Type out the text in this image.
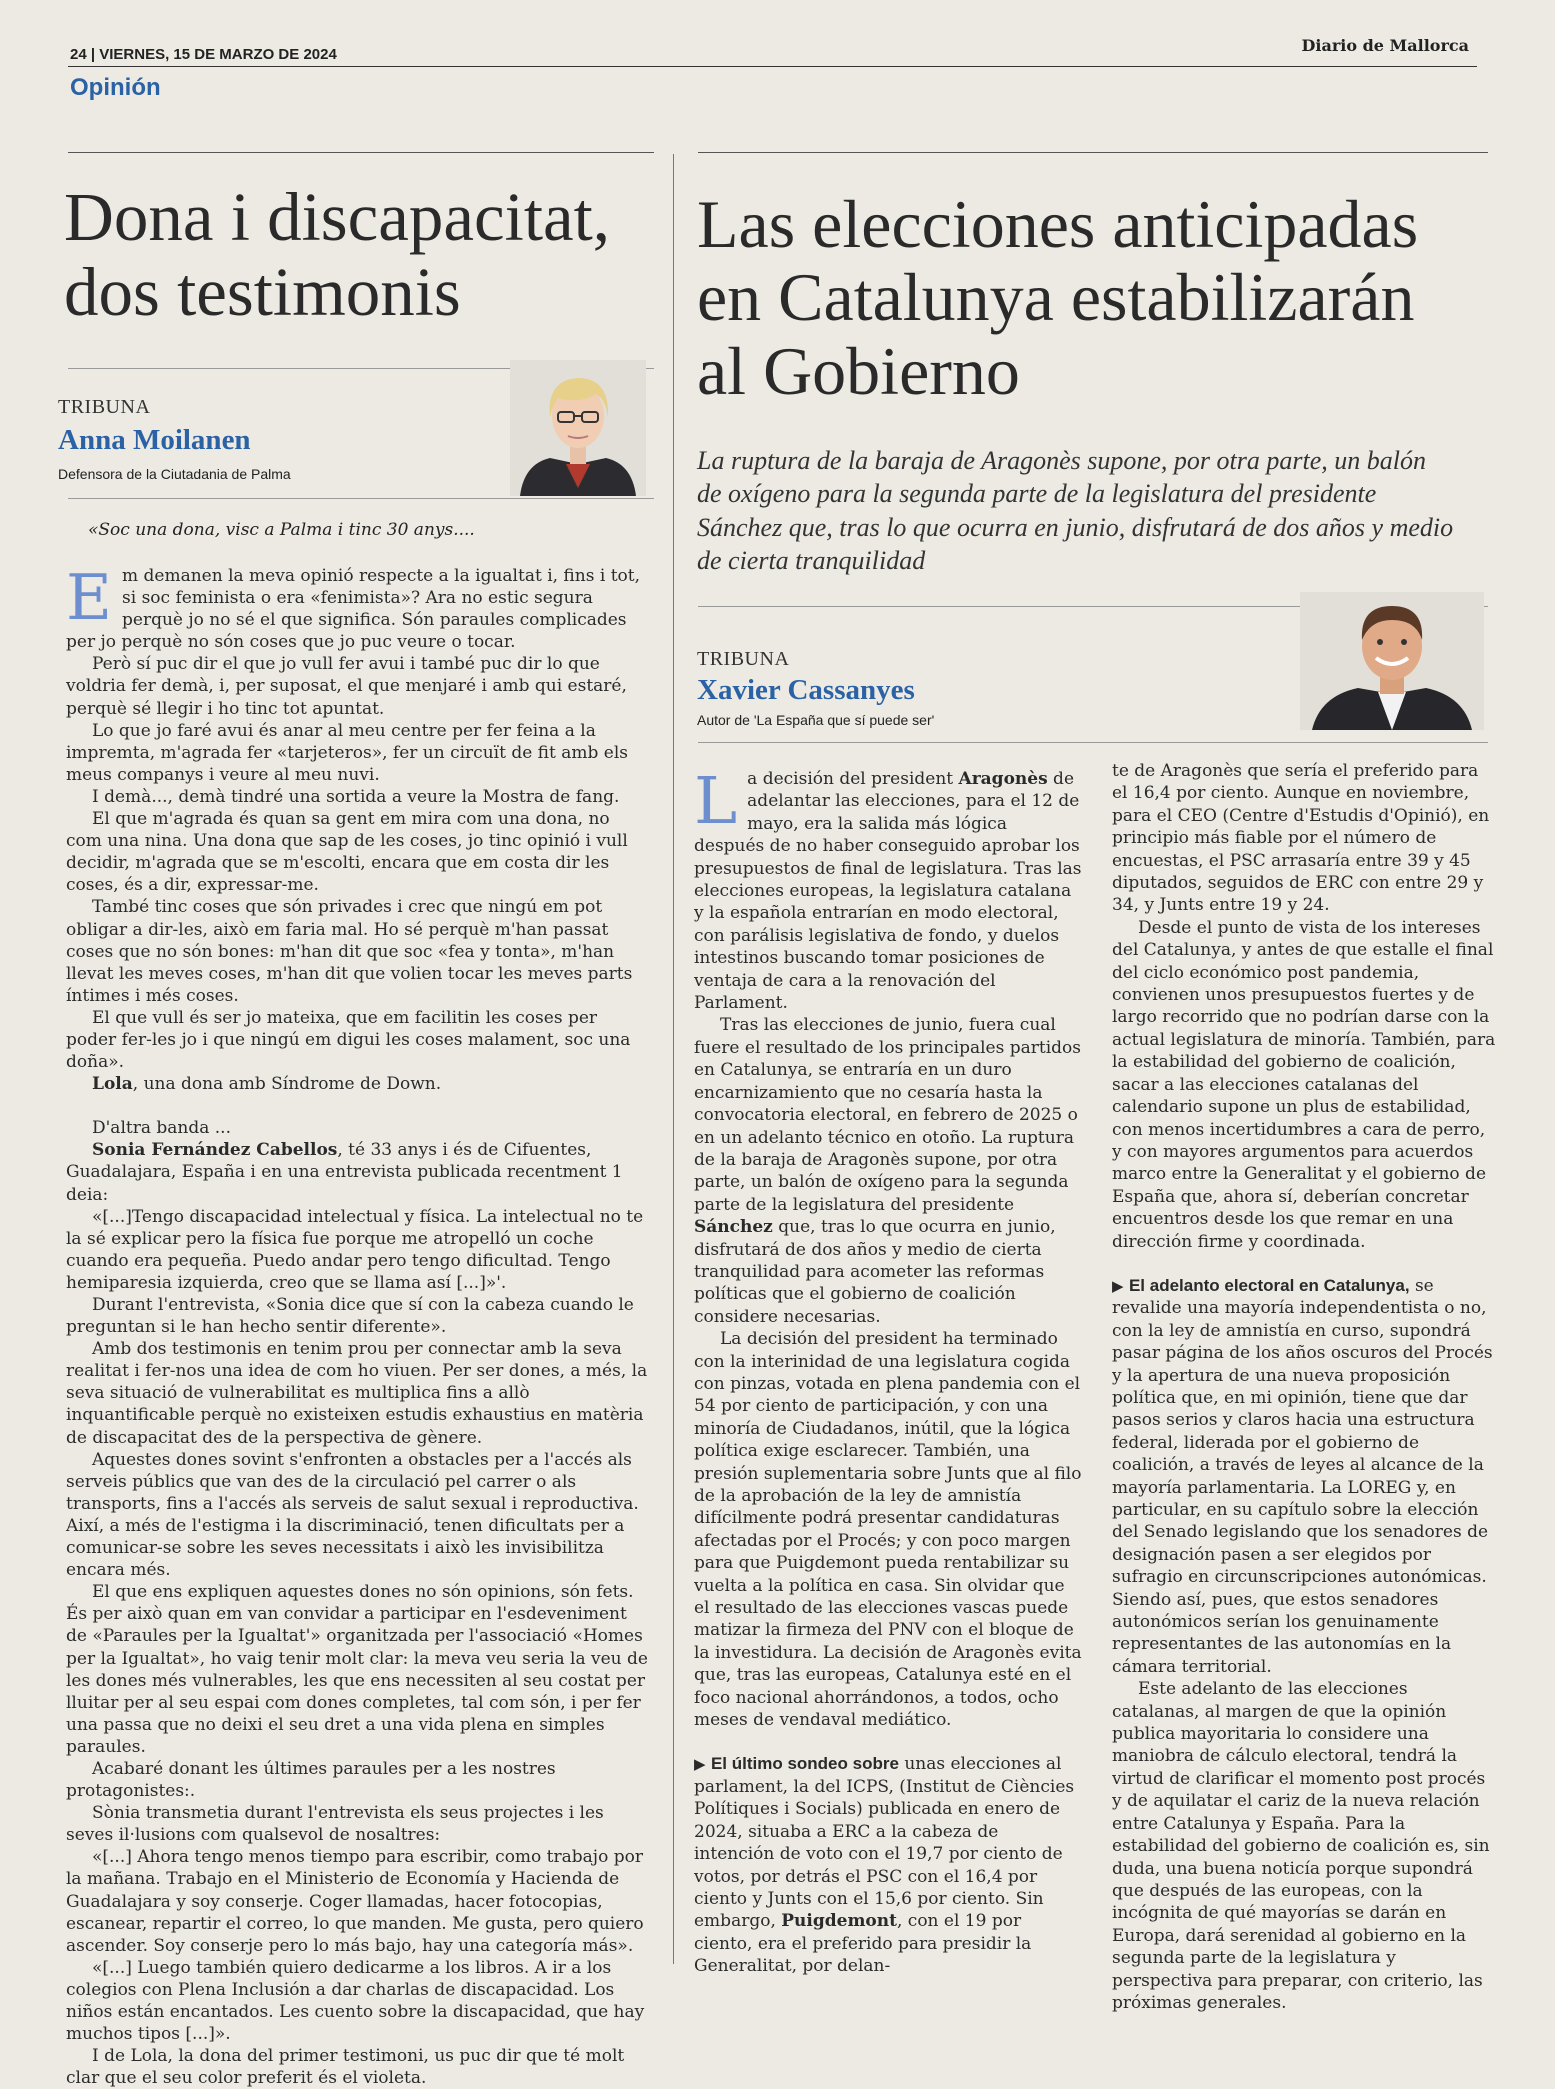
24 | VIERNES, 15 DE MARZO DE 2024	Diario de Mallorca
Opinión
Dona i discapacitat,
dos testimonis
TRIBUNA
Anna Moilanen
Defensora de la Ciutadania de Palma
«Soc una dona, visc a Palma i tinc 30 anys....

Em demanen la meva opinió respecte a la igualtat i, fins i tot, si soc feminista o era «fenimista»? Ara no estic segura perquè jo no sé el que significa. Són paraules complicades per jo perquè no són coses que jo puc veure o tocar.

Però sí puc dir el que jo vull fer avui i també puc dir lo que voldria fer demà, i, per suposat, el que menjaré i amb qui estaré, perquè sé llegir i ho tinc tot apuntat.

Lo que jo faré avui és anar al meu centre per fer feina a la impremta, m'agrada fer «tarjeteros», fer un circuït de fit amb els meus companys i veure al meu nuvi.

I demà..., demà tindré una sortida a veure la Mostra de fang.

El que m'agrada és quan sa gent em mira com una dona, no com una nina. Una dona que sap de les coses, jo tinc opinió i vull decidir, m'agrada que se m'escolti, encara que em costa dir les coses, és a dir, expressar-me.

També tinc coses que són privades i crec que ningú em pot obligar a dir-les, això em faria mal. Ho sé perquè m'han passat coses que no són bones: m'han dit que soc «fea y tonta», m'han llevat les meves coses, m'han dit que volien tocar les meves parts íntimes i més coses.

El que vull és ser jo mateixa, que em facilitin les coses per poder fer-les jo i que ningú em digui les coses malament, soc una doña».

Lola, una dona amb Síndrome de Down.

D'altra banda ...

Sonia Fernández Cabellos, té 33 anys i és de Cifuentes, Guadalajara, España i en una entrevista publicada recentment 1 deia:

«[...]Tengo discapacidad intelectual y física. La intelectual no te la sé explicar pero la física fue porque me atropelló un coche cuando era pequeña. Puedo andar pero tengo dificultad. Tengo hemiparesia izquierda, creo que se llama así [...]»'.

Durant l'entrevista, «Sonia dice que sí con la cabeza cuando le preguntan si le han hecho sentir diferente».

Amb dos testimonis en tenim prou per connectar amb la seva realitat i fer-nos una idea de com ho viuen. Per ser dones, a més, la seva situació de vulnerabilitat es multiplica fins a allò inquantificable perquè no existeixen estudis exhaustius en matèria de discapacitat des de la perspectiva de gènere.

Aquestes dones sovint s'enfronten a obstacles per a l'accés als serveis públics que van des de la circulació pel carrer o als transports, fins a l'accés als serveis de salut sexual i reproductiva. Així, a més de l'estigma i la discriminació, tenen dificultats per a comunicar-se sobre les seves necessitats i això les invisibilitza encara més.

El que ens expliquen aquestes dones no són opinions, són fets. És per això quan em van convidar a participar en l'esdeveniment de «Paraules per la Igualtat'» organitzada per l'associació «Homes per la Igualtat», ho vaig tenir molt clar: la meva veu seria la veu de les dones més vulnerables, les que ens necessiten al seu costat per lluitar per al seu espai com dones completes, tal com són, i per fer una passa que no deixi el seu dret a una vida plena en simples paraules.

Acabaré donant les últimes paraules per a les nostres protagonistes:.

Sònia transmetia durant l'entrevista els seus projectes i les seves il·lusions com qualsevol de nosaltres:

«[...] Ahora tengo menos tiempo para escribir, como trabajo por la mañana. Trabajo en el Ministerio de Economía y Hacienda de Guadalajara y soy conserje. Coger llamadas, hacer fotocopias, escanear, repartir el correo, lo que manden. Me gusta, pero quiero ascender. Soy conserje pero lo más bajo, hay una categoría más».

«[...] Luego también quiero dedicarme a los libros. A ir a los colegios con Plena Inclusión a dar charlas de discapacidad. Los niños están encantados. Les cuento sobre la discapacidad, que hay muchos tipos [...]».

I de Lola, la dona del primer testimoni, us puc dir que té molt clar que el seu color preferit és el violeta.

Las elecciones anticipadas
en Catalunya estabilizarán
al Gobierno
La ruptura de la baraja de Aragonès supone, por otra parte, un balón de oxígeno para la segunda parte de la legislatura del presidente Sánchez que, tras lo que ocurra en junio, disfrutará de dos años y medio de cierta tranquilidad
TRIBUNA
Xavier Cassanyes
Autor de 'La España que sí puede ser'

La decisión del president Aragonès de adelantar las elecciones, para el 12 de mayo, era la salida más lógica después de no haber conseguido aprobar los presupuestos de final de legislatura. Tras las elecciones europeas, la legislatura catalana y la española entrarían en modo electoral, con parálisis legislativa de fondo, y duelos intestinos buscando tomar posiciones de ventaja de cara a la renovación del Parlament.

Tras las elecciones de junio, fuera cual fuere el resultado de los principales partidos en Catalunya, se entraría en un duro encarnizamiento que no cesaría hasta la convocatoria electoral, en febrero de 2025 o en un adelanto técnico en otoño. La ruptura de la baraja de Aragonès supone, por otra parte, un balón de oxígeno para la segunda parte de la legislatura del presidente Sánchez que, tras lo que ocurra en junio, disfrutará de dos años y medio de cierta tranquilidad para acometer las reformas políticas que el gobierno de coalición considere necesarias.

La decisión del president ha terminado con la interinidad de una legislatura cogida con pinzas, votada en plena pandemia con el 54 por ciento de participación, y con una minoría de Ciudadanos, inútil, que la lógica política exige esclarecer. También, una presión suplementaria sobre Junts que al filo de la aprobación de la ley de amnistía difícilmente podrá presentar candidaturas afectadas por el Procés; y con poco margen para que Puigdemont pueda rentabilizar su vuelta a la política en casa. Sin olvidar que el resultado de las elecciones vascas puede matizar la firmeza del PNV con el bloque de la investidura. La decisión de Aragonès evita que, tras las europeas, Catalunya esté en el foco nacional ahorrándonos, a todos, ocho meses de vendaval mediático.

▶ El último sondeo sobre unas elecciones al parlament, la del ICPS, (Institut de Ciències Polítiques i Socials) publicada en enero de 2024, situaba a ERC a la cabeza de intención de voto con el 19,7 por ciento de votos, por detrás el PSC con el 16,4 por ciento y Junts con el 15,6 por ciento. Sin embargo, Puigdemont, con el 19 por ciento, era el preferido para presidir la Generalitat, por delan-

te de Aragonès que sería el preferido para el 16,4 por ciento. Aunque en noviembre, para el CEO (Centre d'Estudis d'Opinió), en principio más fiable por el número de encuestas, el PSC arrasaría entre 39 y 45 diputados, seguidos de ERC con entre 29 y 34, y Junts entre 19 y 24.

Desde el punto de vista de los intereses del Catalunya, y antes de que estalle el final del ciclo económico post pandemia, convienen unos presupuestos fuertes y de largo recorrido que no podrían darse con la actual legislatura de minoría. También, para la estabilidad del gobierno de coalición, sacar a las elecciones catalanas del calendario supone un plus de estabilidad, con menos incertidumbres a cara de perro, y con mayores argumentos para acuerdos marco entre la Generalitat y el gobierno de España que, ahora sí, deberían concretar encuentros desde los que remar en una dirección firme y coordinada.

▶ El adelanto electoral en Catalunya, se revalide una mayoría independentista o no, con la ley de amnistía en curso, supondrá pasar página de los años oscuros del Procés y la apertura de una nueva proposición política que, en mi opinión, tiene que dar pasos serios y claros hacia una estructura federal, liderada por el gobierno de coalición, a través de leyes al alcance de la mayoría parlamentaria. La LOREG y, en particular, en su capítulo sobre la elección del Senado legislando que los senadores de designación pasen a ser elegidos por sufragio en circunscripciones autonómicas. Siendo así, pues, que estos senadores autonómicos serían los genuinamente representantes de las autonomías en la cámara territorial.

Este adelanto de las elecciones catalanas, al margen de que la opinión publica mayoritaria lo considere una maniobra de cálculo electoral, tendrá la virtud de clarificar el momento post procés y de aquilatar el cariz de la nueva relación entre Catalunya y España. Para la estabilidad del gobierno de coalición es, sin duda, una buena noticía porque supondrá que después de las europeas, con la incógnita de qué mayorías se darán en Europa, dará serenidad al gobierno en la segunda parte de la legislatura y perspectiva para preparar, con criterio, las próximas generales.
